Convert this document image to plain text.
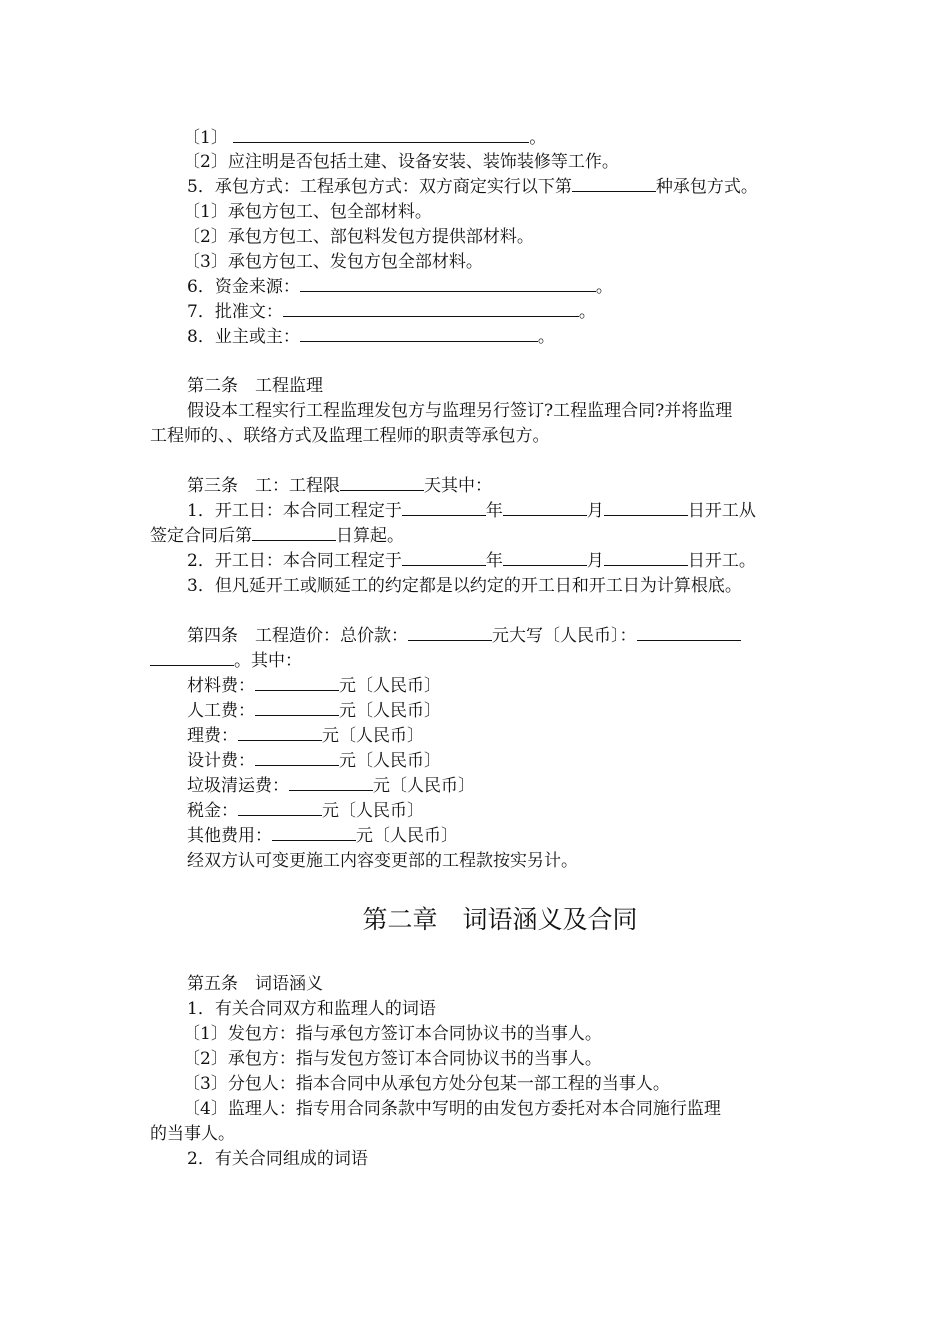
〔1〕	。
〔2〕应注明是否包括土建、设备安装、装饰装修等工作。
5．承包方式：工程承包方式：双方商定实行以下第	种承包方式。
〔1〕承包方包工、包全部材料。
〔2〕承包方包工、部包料发包方提供部材料。
〔3〕承包方包工、发包方包全部材料。
6．资金来源：	。
7．批准文：	。
8．业主或主：	。
第二条　工程监理
假设本工程实行工程监理发包方与监理另行签订?工程监理合同?并将监理
工程师的、、联络方式及监理工程师的职责等承包方。
第三条　工：工程限	天其中：
1．开工日：本合同工程定于	年	月	日开工从
签定合同后第	日算起。
2．开工日：本合同工程定于	年	月	日开工。
3．但凡延开工或顺延工的约定都是以约定的开工日和开工日为计算根底。
第四条　工程造价：总价款：	元大写〔人民币〕：
。其中：
材料费：	元〔人民币〕
人工费：	元〔人民币〕
理费：	元〔人民币〕
设计费：	元〔人民币〕
垃圾清运费：	元〔人民币〕
税金：	元〔人民币〕
其他费用：	元〔人民币〕
经双方认可变更施工内容变更部的工程款按实另计。
第二章　词语涵义及合同
第五条　词语涵义
1．有关合同双方和监理人的词语
〔1〕发包方：指与承包方签订本合同协议书的当事人。
〔2〕承包方：指与发包方签订本合同协议书的当事人。
〔3〕分包人：指本合同中从承包方处分包某一部工程的当事人。
〔4〕监理人：指专用合同条款中写明的由发包方委托对本合同施行监理
的当事人。
2．有关合同组成的词语
